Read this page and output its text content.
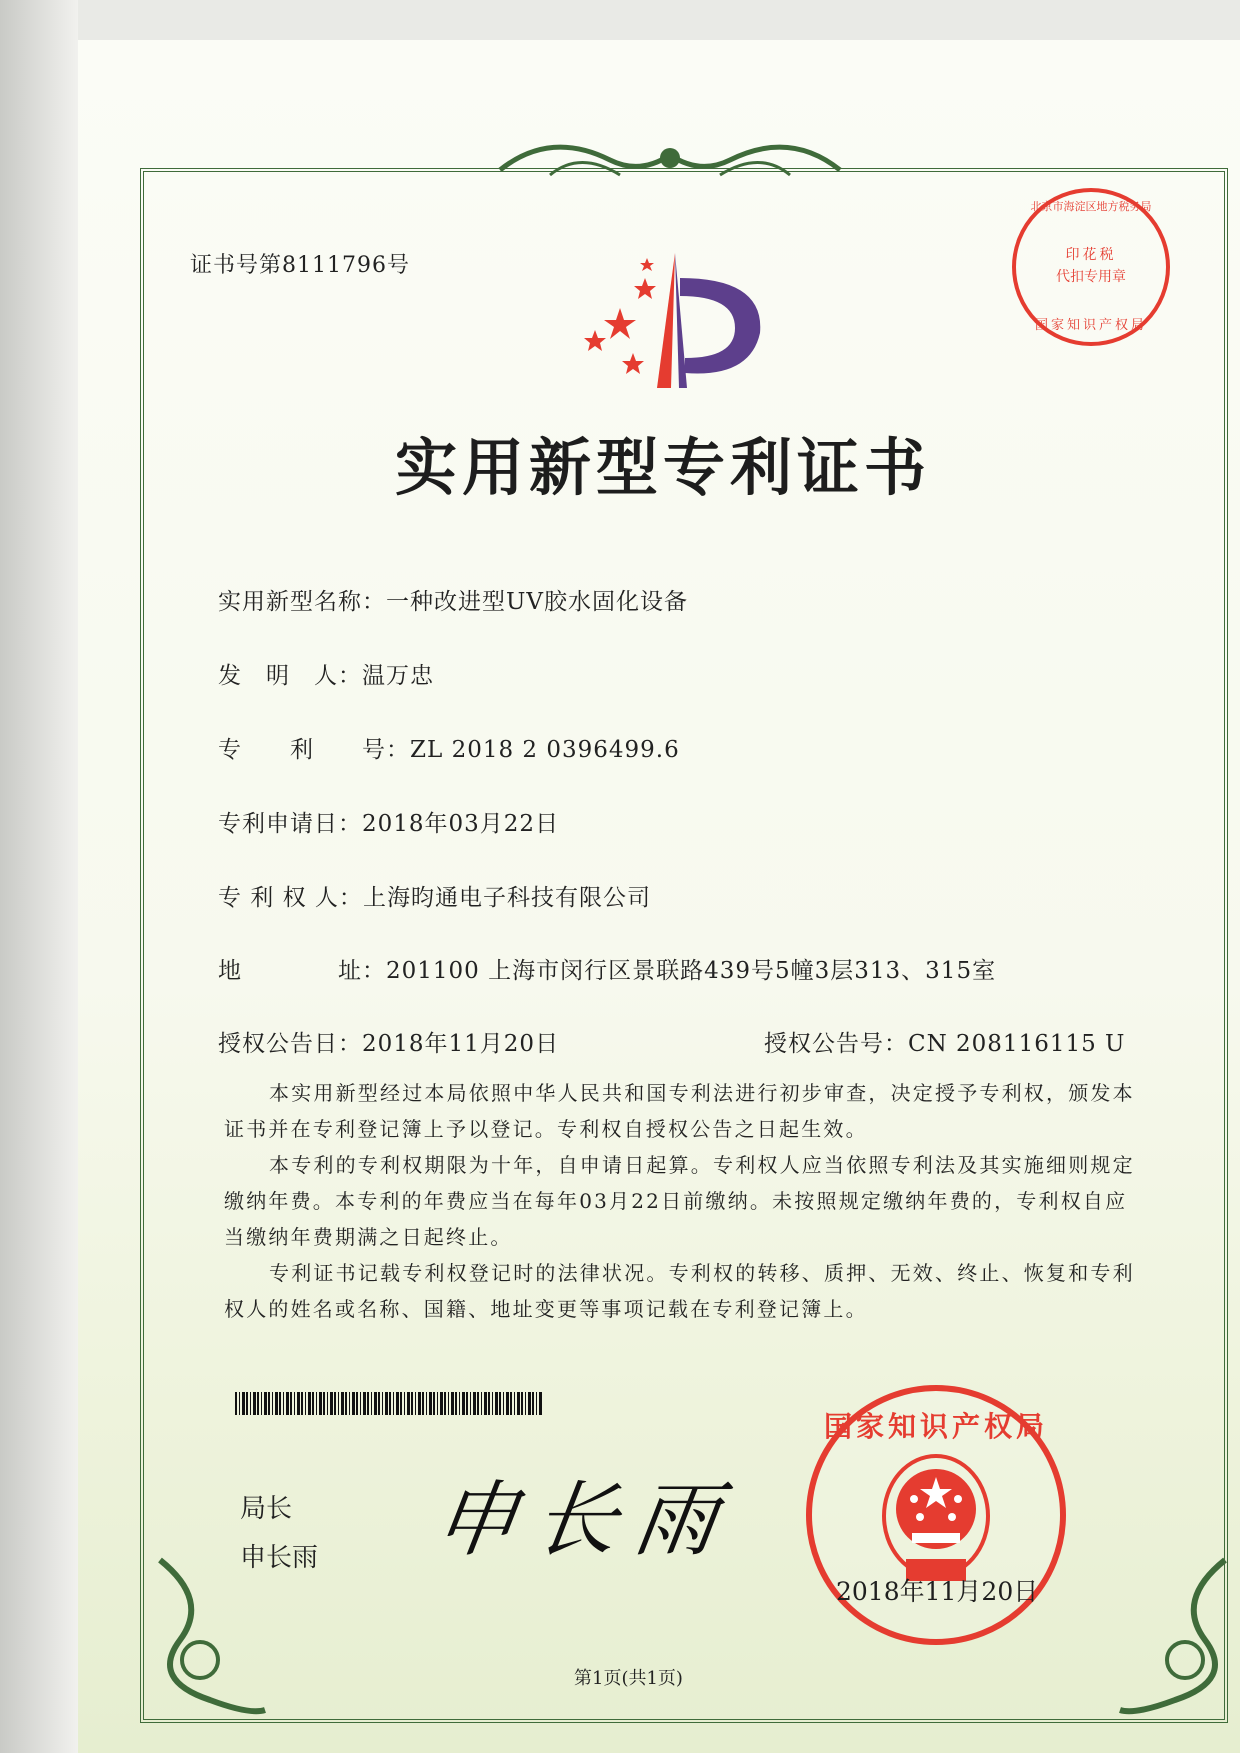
证书号第8111796号
实用新型专利证书
实用新型名称：一种改进型UV胶水固化设备
发　明　人：温万忠
专　　利　　号：ZL 2018 2 0396499.6
专利申请日：2018年03月22日
专 利 权 人：上海昀通电子科技有限公司
地　　　　址：201100 上海市闵行区景联路439号5幢3层313、315室
授权公告日：2018年11月20日	授权公告号：CN 208116115 U
本实用新型经过本局依照中华人民共和国专利法进行初步审查，决定授予专利权，颁发本证书并在专利登记簿上予以登记。专利权自授权公告之日起生效。
本专利的专利权期限为十年，自申请日起算。专利权人应当依照专利法及其实施细则规定缴纳年费。本专利的年费应当在每年03月22日前缴纳。未按照规定缴纳年费的，专利权自应当缴纳年费期满之日起终止。
专利证书记载专利权登记时的法律状况。专利权的转移、质押、无效、终止、恢复和专利权人的姓名或名称、国籍、地址变更等事项记载在专利登记簿上。
局长
申长雨 申长雨
北京市海淀区地方税务局
印花税
代扣专用章
国家知识产权局
国家知识产权局
2018年11月20日
第1页(共1页)
